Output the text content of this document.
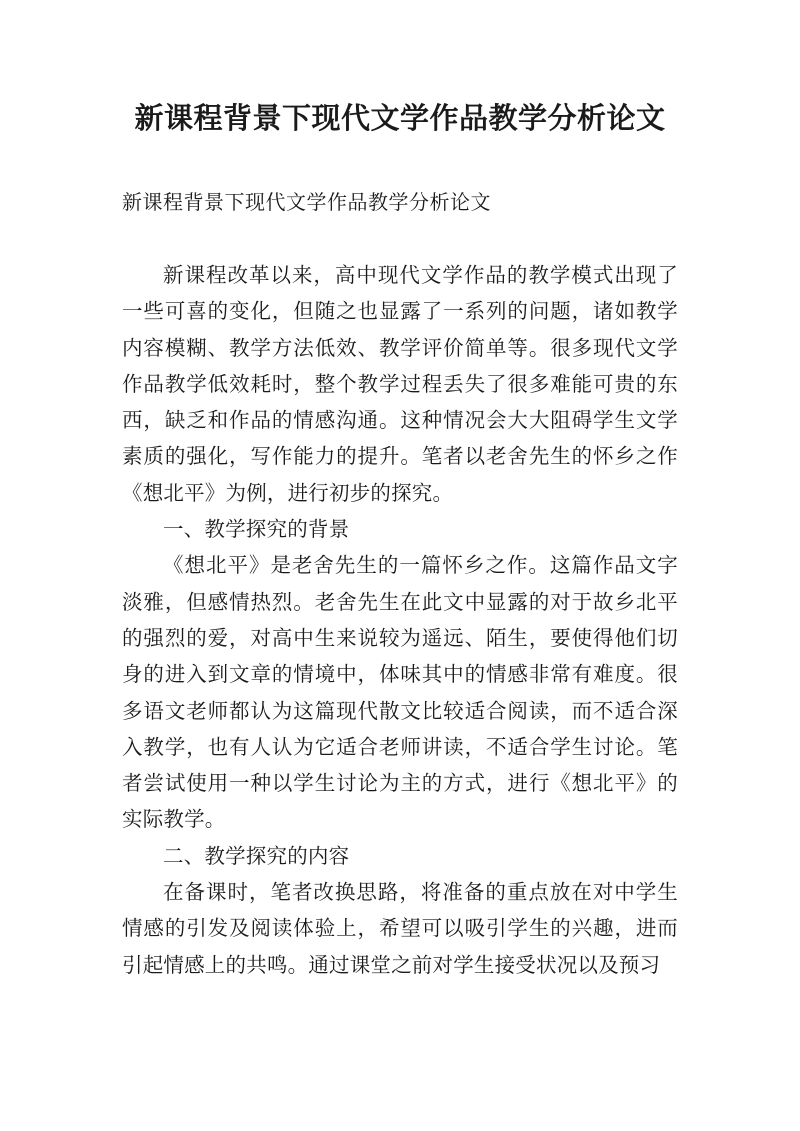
新课程背景下现代文学作品教学分析论文

新课程背景下现代文学作品教学分析论文

新课程改革以来，高中现代文学作品的教学模式出现了一些可喜的变化，但随之也显露了一系列的问题，诸如教学内容模糊、教学方法低效、教学评价简单等。很多现代文学作品教学低效耗时，整个教学过程丢失了很多难能可贵的东西，缺乏和作品的情感沟通。这种情况会大大阻碍学生文学素质的强化，写作能力的提升。笔者以老舍先生的怀乡之作《想北平》为例，进行初步的探究。

一、教学探究的背景

《想北平》是老舍先生的一篇怀乡之作。这篇作品文字淡雅，但感情热烈。老舍先生在此文中显露的对于故乡北平的强烈的爱，对高中生来说较为遥远、陌生，要使得他们切身的进入到文章的情境中，体味其中的情感非常有难度。很多语文老师都认为这篇现代散文比较适合阅读，而不适合深入教学，也有人认为它适合老师讲读，不适合学生讨论。笔者尝试使用一种以学生讨论为主的方式，进行《想北平》的实际教学。

二、教学探究的内容

在备课时，笔者改换思路，将准备的重点放在对中学生情感的引发及阅读体验上，希望可以吸引学生的兴趣，进而引起情感上的共鸣。通过课堂之前对学生接受状况以及预习
